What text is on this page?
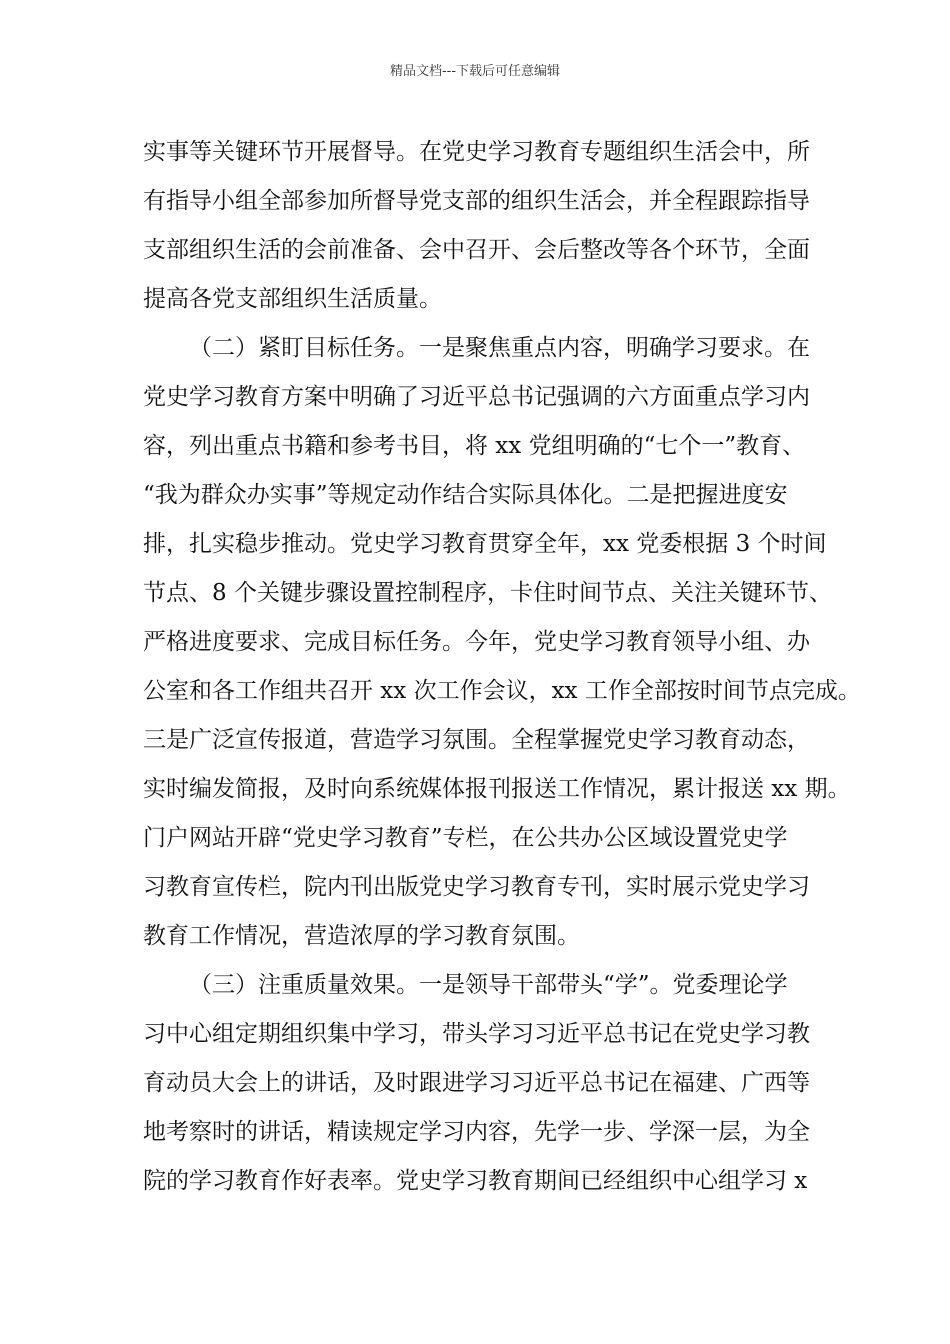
精品文档---下载后可任意编辑
实事等关键环节开展督导。在党史学习教育专题组织生活会中，所
有指导小组全部参加所督导党支部的组织生活会，并全程跟踪指导
支部组织生活的会前准备、会中召开、会后整改等各个环节，全面
提高各党支部组织生活质量。
（二）紧盯目标任务。一是聚焦重点内容，明确学习要求。在
党史学习教育方案中明确了习近平总书记强调的六方面重点学习内
容，列出重点书籍和参考书目，将 xx 党组明确的“七个一”教育、
“我为群众办实事”等规定动作结合实际具体化。二是把握进度安
排，扎实稳步推动。党史学习教育贯穿全年，xx 党委根据 3 个时间
节点、8 个关键步骤设置控制程序，卡住时间节点、关注关键环节、
严格进度要求、完成目标任务。今年，党史学习教育领导小组、办
公室和各工作组共召开 xx 次工作会议，xx 工作全部按时间节点完成。
三是广泛宣传报道，营造学习氛围。全程掌握党史学习教育动态，
实时编发简报，及时向系统媒体报刊报送工作情况，累计报送 xx 期。
门户网站开辟“党史学习教育”专栏，在公共办公区域设置党史学
习教育宣传栏，院内刊出版党史学习教育专刊，实时展示党史学习
教育工作情况，营造浓厚的学习教育氛围。
（三）注重质量效果。一是领导干部带头“学”。党委理论学
习中心组定期组织集中学习，带头学习习近平总书记在党史学习教
育动员大会上的讲话，及时跟进学习习近平总书记在福建、广西等
地考察时的讲话，精读规定学习内容，先学一步、学深一层，为全
院的学习教育作好表率。党史学习教育期间已经组织中心组学习 x
